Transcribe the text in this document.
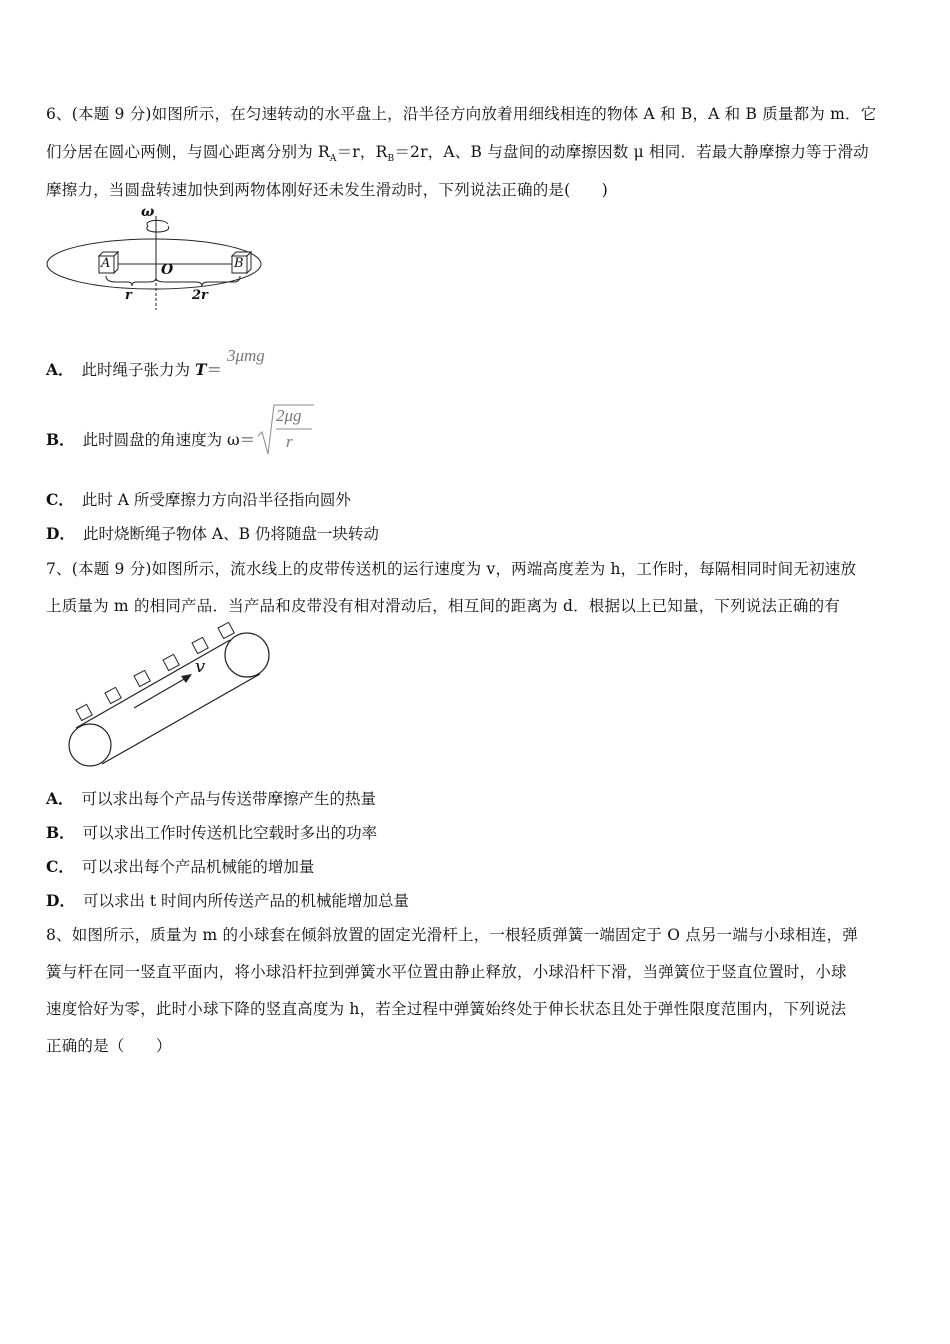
6、(本题 9 分)如图所示，在匀速转动的水平盘上，沿半径方向放着用细线相连的物体 A 和 B，A 和 B 质量都为 m．它
们分居在圆心两侧，与圆心距离分别为 $R_A=r$，$R_B=2r$，A、B 与盘间的动摩擦因数 μ 相同．若最大静摩擦力等于滑动
摩擦力，当圆盘转速加快到两物体刚好还未发生滑动时，下列说法正确的是(　　)
ω
A	B
O
r	2r
A． 此时绳子张力为 T＝ 3μmg
B． 此时圆盘的角速度为 ω＝
2μg
r
C． 此时 A 所受摩擦力方向沿半径指向圆外
D． 此时烧断绳子物体 A、B 仍将随盘一块转动
7、(本题 9 分)如图所示，流水线上的皮带传送机的运行速度为 v，两端高度差为 h，工作时，每隔相同时间无初速放
上质量为 m 的相同产品．当产品和皮带没有相对滑动后，相互间的距离为 d．根据以上已知量，下列说法正确的有
v
A． 可以求出每个产品与传送带摩擦产生的热量
B． 可以求出工作时传送机比空载时多出的功率
C． 可以求出每个产品机械能的增加量
D． 可以求出 t 时间内所传送产品的机械能增加总量
8、如图所示，质量为 m 的小球套在倾斜放置的固定光滑杆上，一根轻质弹簧一端固定于 O 点另一端与小球相连，弹
簧与杆在同一竖直平面内，将小球沿杆拉到弹簧水平位置由静止释放，小球沿杆下滑，当弹簧位于竖直位置时，小球
速度恰好为零，此时小球下降的竖直高度为 h，若全过程中弹簧始终处于伸长状态且处于弹性限度范围内，下列说法
正确的是（　　）
